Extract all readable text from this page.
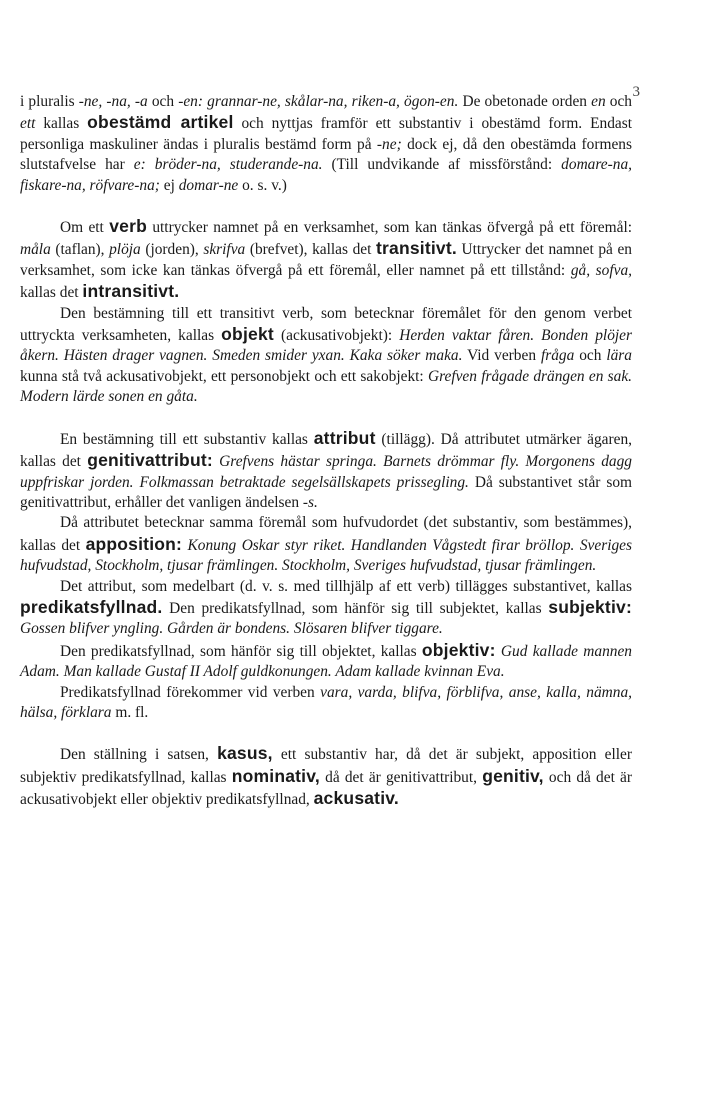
3

i pluralis -ne, -na, -a och -en: grannar-ne, skålar-na, riken-a, ögon-en. De obetonade orden en och ett kallas obestämd artikel och nyttjas framför ett substantiv i obestämd form. Endast personliga maskuliner ändas i pluralis bestämd form på -ne; dock ej, då den obestämda formens slutstafvelse har e: bröder-na, studerande-na. (Till undvikande af missförstånd: domare-na, fiskare-na, röfvare-na; ej domar-ne o. s. v.)

Om ett verb uttrycker namnet på en verksamhet, som kan tänkas öfvergå på ett föremål: måla (taflan), plöja (jorden), skrifva (brefvet), kallas det transitivt. Uttrycker det namnet på en verksamhet, som icke kan tänkas öfvergå på ett föremål, eller namnet på ett tillstånd: gå, sofva, kallas det intransitivt.

Den bestämning till ett transitivt verb, som betecknar föremålet för den genom verbet uttryckta verksamheten, kallas objekt (ackusativobjekt): Herden vaktar fåren. Bonden plöjer åkern. Hästen drager vagnen. Smeden smider yxan. Kaka söker maka. Vid verben fråga och lära kunna stå två ackusativobjekt, ett personobjekt och ett sakobjekt: Grefven frågade drängen en sak. Modern lärde sonen en gåta.

En bestämning till ett substantiv kallas attribut (tillägg). Då attributet utmärker ägaren, kallas det genitivattribut: Grefvens hästar springa. Barnets drömmar fly. Morgonens dagg uppfriskar jorden. Folkmassan betraktade segelsällskapets prissegling. Då substantivet står som genitivattribut, erhåller det vanligen ändelsen -s.

Då attributet betecknar samma föremål som hufvudordet (det substantiv, som bestämmes), kallas det apposition: Konung Oskar styr riket. Handlanden Vågstedt firar bröllop. Sveriges hufvudstad, Stockholm, tjusar främlingen. Stockholm, Sveriges hufvudstad, tjusar främlingen.

Det attribut, som medelbart (d. v. s. med tillhjälp af ett verb) tillägges substantivet, kallas predikatsfyllnad. Den predikatsfyllnad, som hänför sig till subjektet, kallas subjektiv: Gossen blifver yngling. Gården är bondens. Slösaren blifver tiggare.

Den predikatsfyllnad, som hänför sig till objektet, kallas objektiv: Gud kallade mannen Adam. Man kallade Gustaf II Adolf guldkonungen. Adam kallade kvinnan Eva.

Predikatsfyllnad förekommer vid verben vara, varda, blifva, förblifva, anse, kalla, nämna, hälsa, förklara m. fl.

Den ställning i satsen, kasus, ett substantiv har, då det är subjekt, apposition eller subjektiv predikatsfyllnad, kallas nominativ, då det är genitivattribut, genitiv, och då det är ackusativobjekt eller objektiv predikatsfyllnad, ackusativ.
